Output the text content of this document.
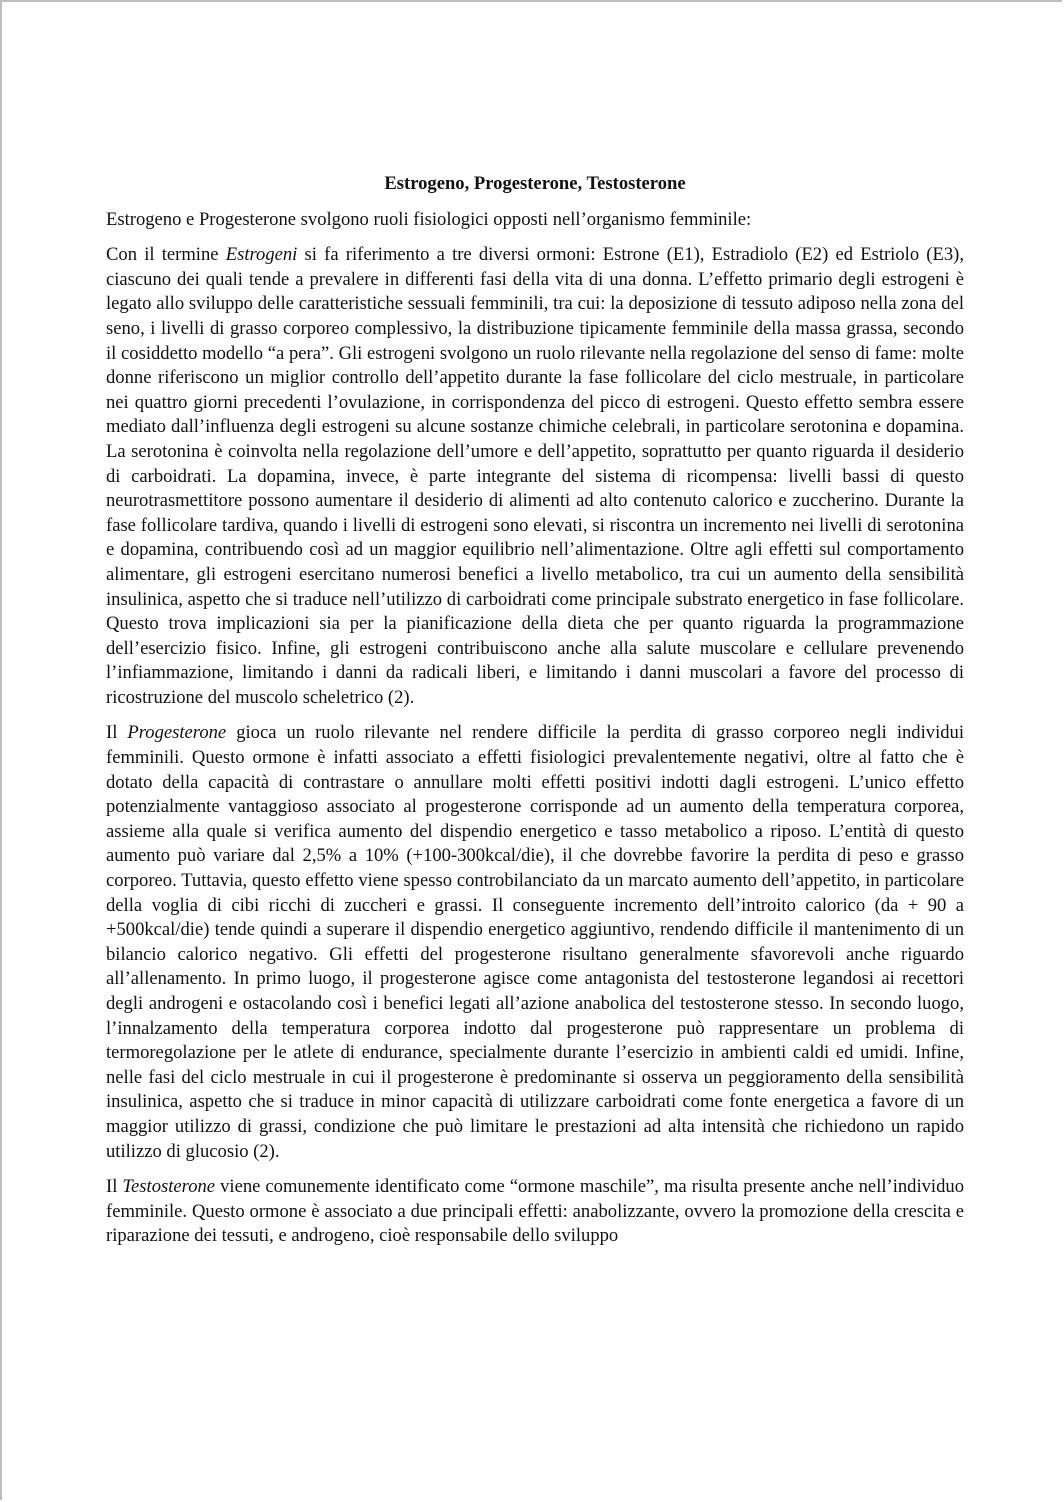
Estrogeno, Progesterone, Testosterone

Estrogeno e Progesterone svolgono ruoli fisiologici opposti nell’organismo femminile:

Con il termine Estrogeni si fa riferimento a tre diversi ormoni: Estrone (E1), Estradiolo (E2) ed Estriolo (E3), ciascuno dei quali tende a prevalere in differenti fasi della vita di una donna. L’effetto primario degli estrogeni è legato allo sviluppo delle caratteristiche sessuali femminili, tra cui: la deposizione di tessuto adiposo nella zona del seno, i livelli di grasso corporeo complessivo, la distribuzione tipicamente femminile della massa grassa, secondo il cosiddetto modello “a pera”. Gli estrogeni svolgono un ruolo rilevante nella regolazione del senso di fame: molte donne riferiscono un miglior controllo dell’appetito durante la fase follicolare del ciclo mestruale, in particolare nei quattro giorni precedenti l’ovulazione, in corrispondenza del picco di estrogeni. Questo effetto sembra essere mediato dall’influenza degli estrogeni su alcune sostanze chimiche celebrali, in particolare serotonina e dopamina. La serotonina è coinvolta nella regolazione dell’umore e dell’appetito, soprattutto per quanto riguarda il desiderio di carboidrati. La dopamina, invece, è parte integrante del sistema di ricompensa: livelli bassi di questo neurotrasmettitore possono aumentare il desiderio di alimenti ad alto contenuto calorico e zuccherino. Durante la fase follicolare tardiva, quando i livelli di estrogeni sono elevati, si riscontra un incremento nei livelli di serotonina e dopamina, contribuendo così ad un maggior equilibrio nell’alimentazione. Oltre agli effetti sul comportamento alimentare, gli estrogeni esercitano numerosi benefici a livello metabolico, tra cui un aumento della sensibilità insulinica, aspetto che si traduce nell’utilizzo di carboidrati come principale substrato energetico in fase follicolare. Questo trova implicazioni sia per la pianificazione della dieta che per quanto riguarda la programmazione dell’esercizio fisico. Infine, gli estrogeni contribuiscono anche alla salute muscolare e cellulare prevenendo l’infiammazione, limitando i danni da radicali liberi, e limitando i danni muscolari a favore del processo di ricostruzione del muscolo scheletrico (2).

Il Progesterone gioca un ruolo rilevante nel rendere difficile la perdita di grasso corporeo negli individui femminili. Questo ormone è infatti associato a effetti fisiologici prevalentemente negativi, oltre al fatto che è dotato della capacità di contrastare o annullare molti effetti positivi indotti dagli estrogeni. L’unico effetto potenzialmente vantaggioso associato al progesterone corrisponde ad un aumento della temperatura corporea, assieme alla quale si verifica aumento del dispendio energetico e tasso metabolico a riposo. L’entità di questo aumento può variare dal 2,5% a 10% (+100-300kcal/die), il che dovrebbe favorire la perdita di peso e grasso corporeo. Tuttavia, questo effetto viene spesso controbilanciato da un marcato aumento dell’appetito, in particolare della voglia di cibi ricchi di zuccheri e grassi. Il conseguente incremento dell’introito calorico (da + 90 a +500kcal/die) tende quindi a superare il dispendio energetico aggiuntivo, rendendo difficile il mantenimento di un bilancio calorico negativo. Gli effetti del progesterone risultano generalmente sfavorevoli anche riguardo all’allenamento. In primo luogo, il progesterone agisce come antagonista del testosterone legandosi ai recettori degli androgeni e ostacolando così i benefici legati all’azione anabolica del testosterone stesso. In secondo luogo, l’innalzamento della temperatura corporea indotto dal progesterone può rappresentare un problema di termoregolazione per le atlete di endurance, specialmente durante l’esercizio in ambienti caldi ed umidi. Infine, nelle fasi del ciclo mestruale in cui il progesterone è predominante si osserva un peggioramento della sensibilità insulinica, aspetto che si traduce in minor capacità di utilizzare carboidrati come fonte energetica a favore di un maggior utilizzo di grassi, condizione che può limitare le prestazioni ad alta intensità che richiedono un rapido utilizzo di glucosio (2).

Il Testosterone viene comunemente identificato come “ormone maschile”, ma risulta presente anche nell’individuo femminile. Questo ormone è associato a due principali effetti: anabolizzante, ovvero la promozione della crescita e riparazione dei tessuti, e androgeno, cioè responsabile dello sviluppo
